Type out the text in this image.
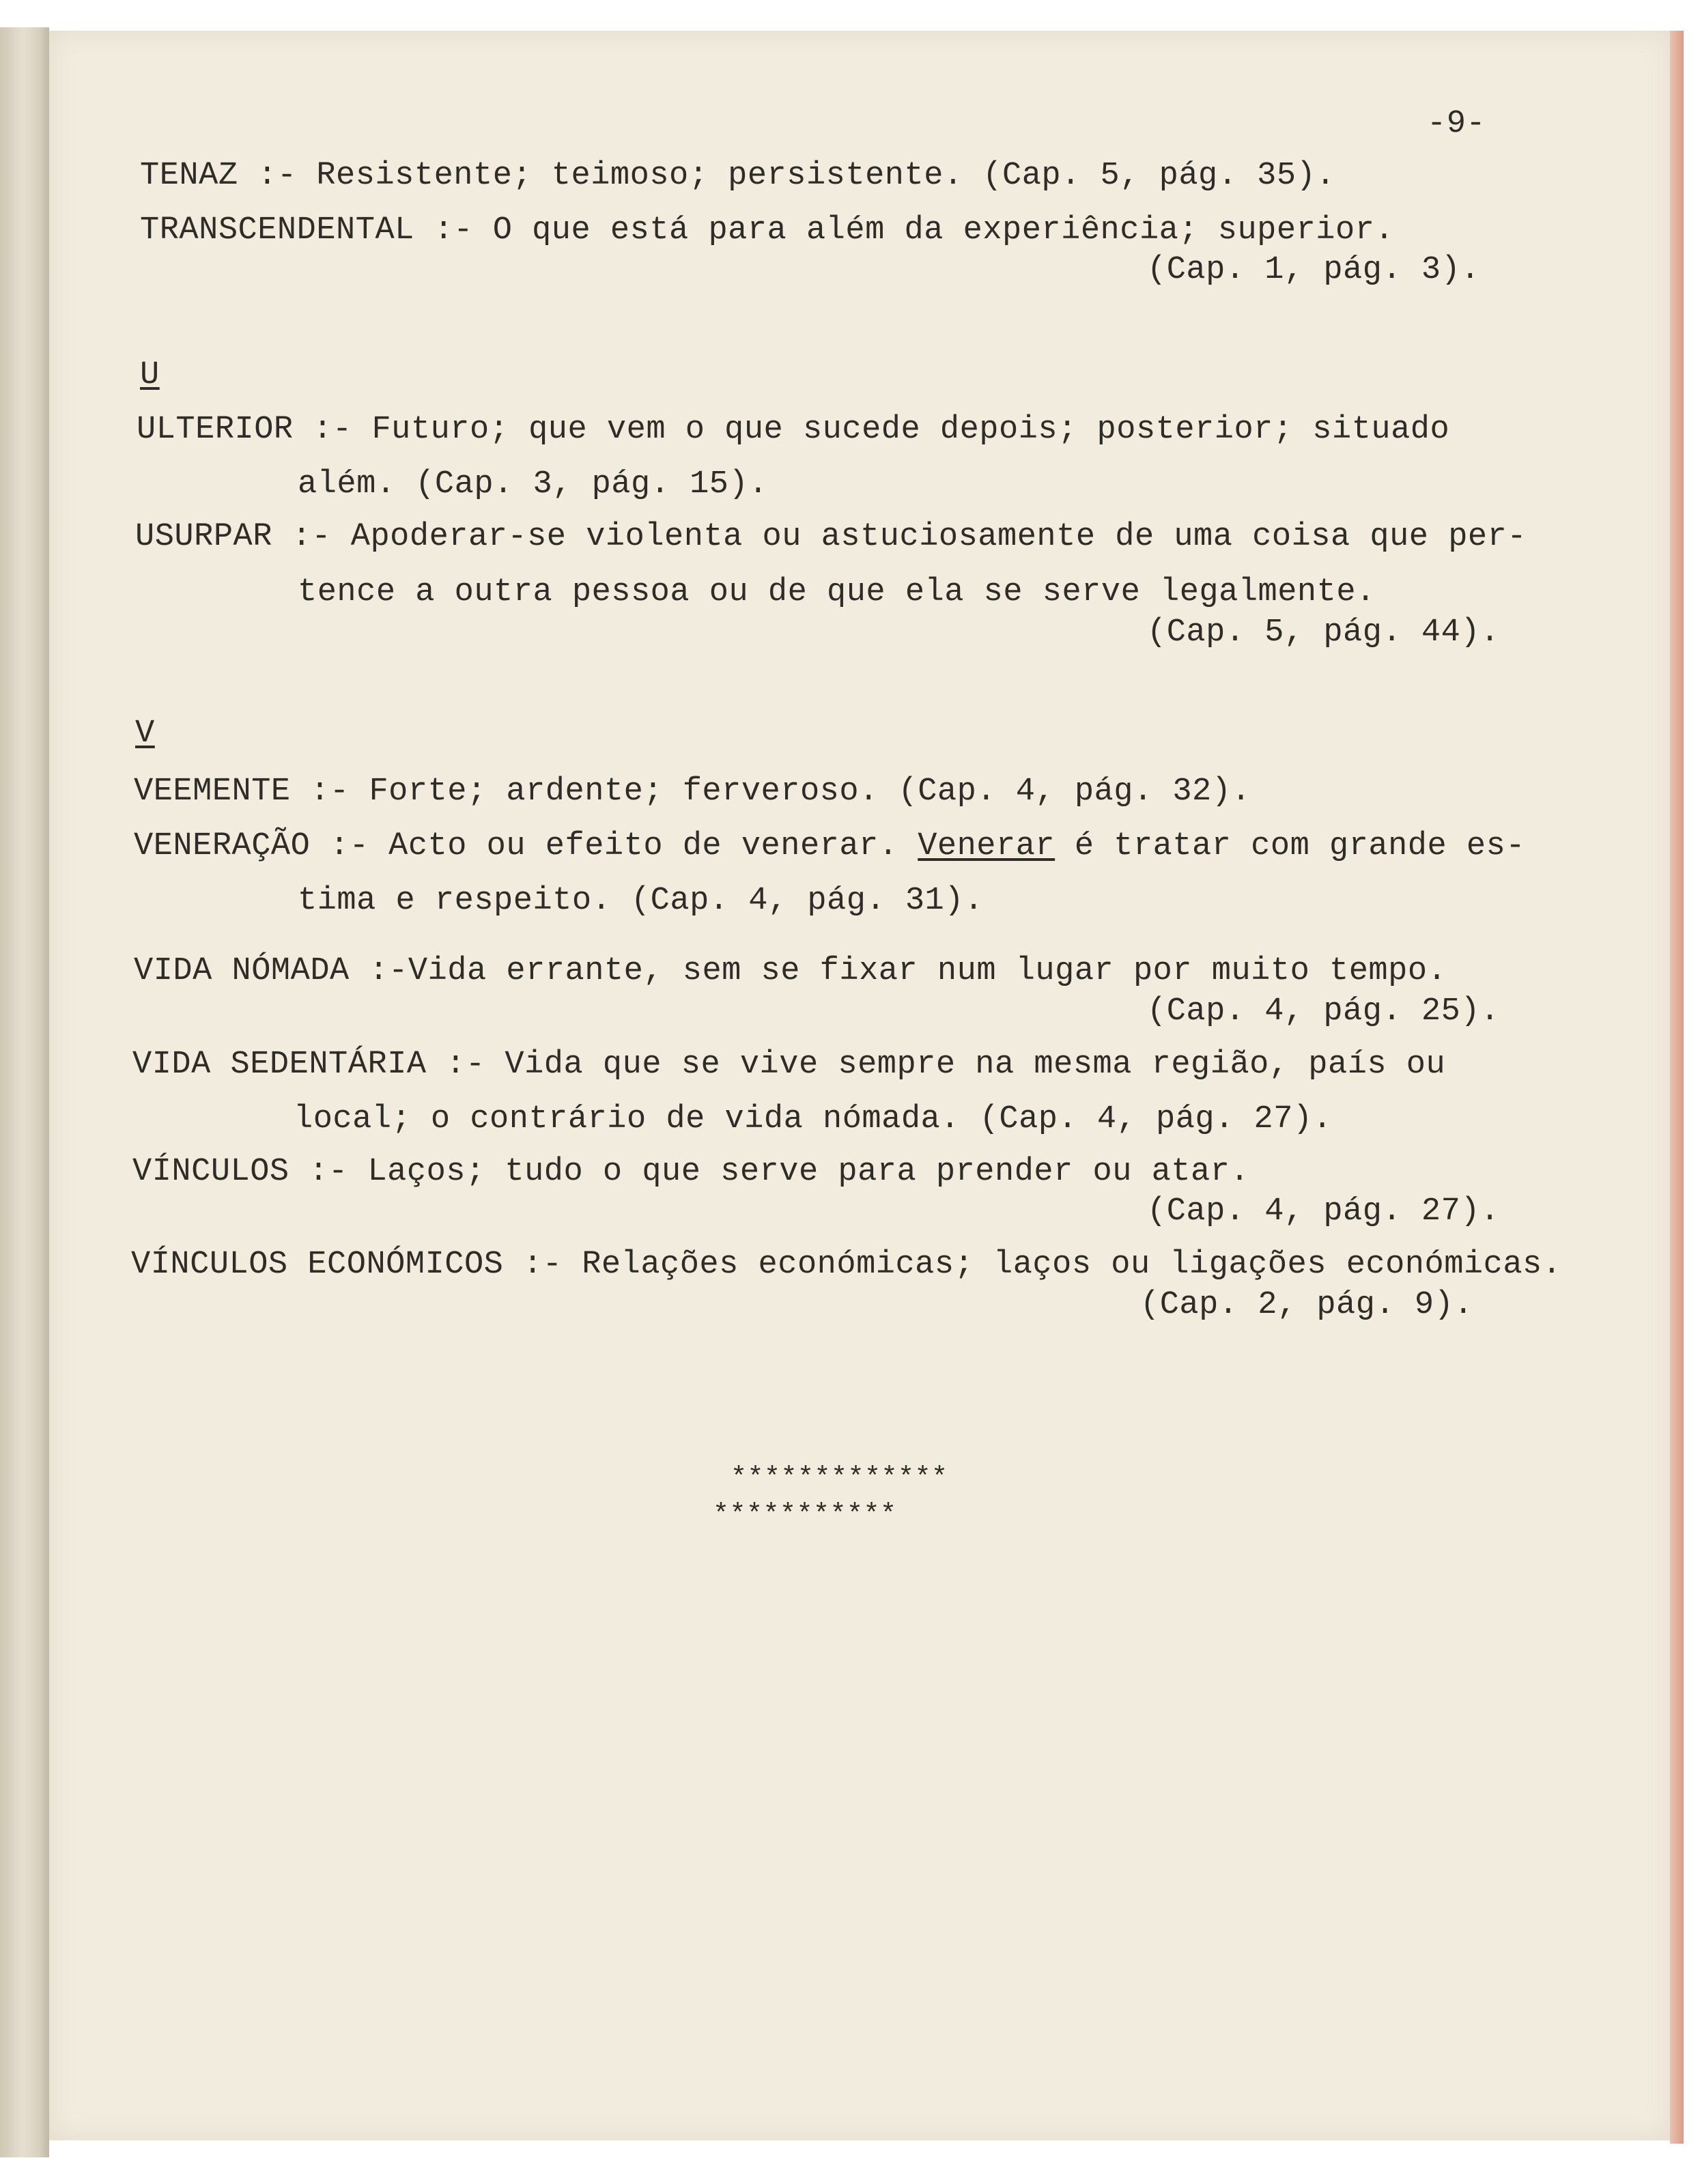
-9-

TENAZ :- Resistente; teimoso; persistente. (Cap. 5, pág. 35).

TRANSCENDENTAL :- O que está para além da experiência; superior.

(Cap. 1, pág. 3).

U

ULTERIOR :- Futuro; que vem o que sucede depois; posterior; situado

além. (Cap. 3, pág. 15).

USURPAR :- Apoderar-se violenta ou astuciosamente de uma coisa que per-

tence a outra pessoa ou de que ela se serve legalmente.

(Cap. 5, pág. 44).

V

VEEMENTE :- Forte; ardente; ferveroso. (Cap. 4, pág. 32).

VENERAÇÃO :- Acto ou efeito de venerar. Venerar é tratar com grande es-

tima e respeito. (Cap. 4, pág. 31).

VIDA NÓMADA :-Vida errante, sem se fixar num lugar por muito tempo.

(Cap. 4, pág. 25).

VIDA SEDENTÁRIA :- Vida que se vive sempre na mesma região, país ou

local; o contrário de vida nómada. (Cap. 4, pág. 27).

VÍNCULOS :- Laços; tudo o que serve para prender ou atar.

(Cap. 4, pág. 27).

VÍNCULOS ECONÓMICOS :- Relações económicas; laços ou ligações económicas.

(Cap. 2, pág. 9).

*************

***********
